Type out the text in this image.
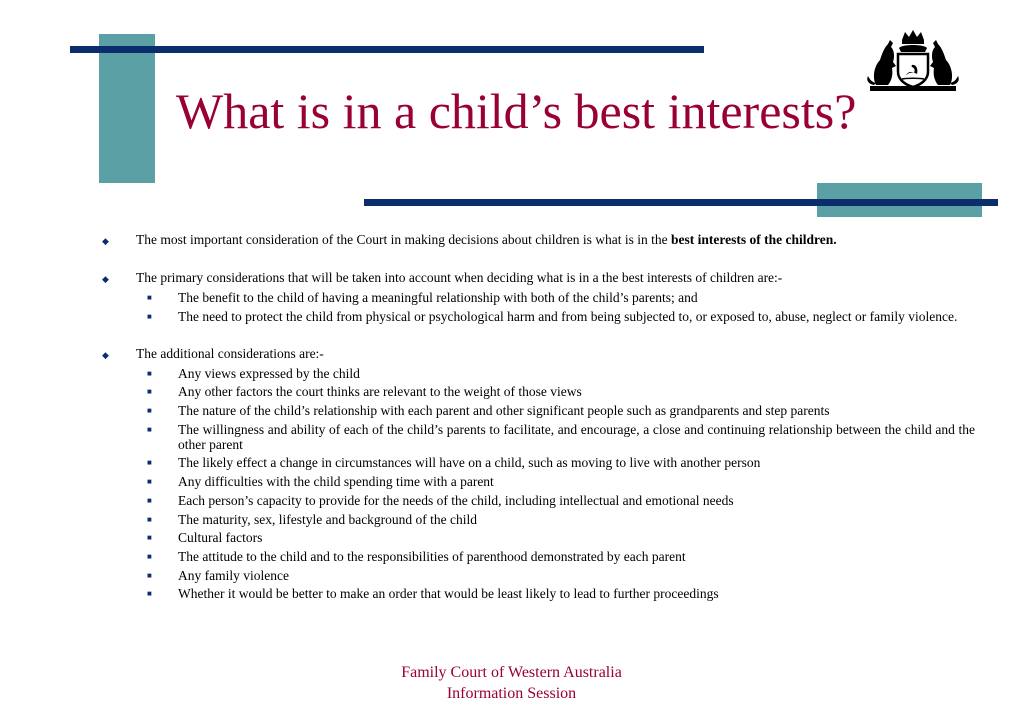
What is in a child’s best interests?
◆ The most important consideration of the Court in making decisions about children is what is in the best interests of the children.
◆ The primary considerations that will be taken into account when deciding what is in a the best interests of children are:-
■ The benefit to the child of having a meaningful relationship with both of the child’s parents; and
■ The need to protect the child from physical or psychological harm and from being subjected to, or exposed to, abuse, neglect or family violence.
◆ The additional considerations are:-
■ Any views expressed by the child
■ Any other factors the court thinks are relevant to the weight of those views
■ The nature of the child’s relationship with each parent and other significant people such as grandparents and step parents
■ The willingness and ability of each of the child’s parents to facilitate, and encourage, a close and continuing relationship between the child and the other parent
■ The likely effect a change in circumstances will have on a child, such as moving to live with another person
■ Any difficulties with the child spending time with a parent
■ Each person’s capacity to provide for the needs of the child, including intellectual and emotional needs
■ The maturity, sex, lifestyle and background of the child
■ Cultural factors
■ The attitude to the child and to the responsibilities of parenthood demonstrated by each parent
■ Any family violence
■ Whether it would be better to make an order that would be least likely to lead to further proceedings
Family Court of Western Australia
Information Session
